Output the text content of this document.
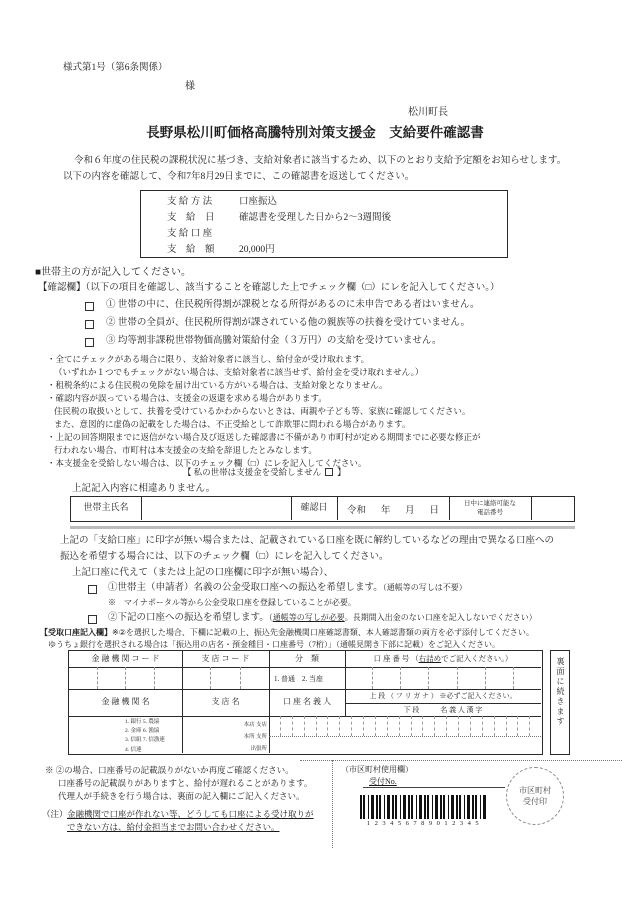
様式第1号（第6条関係）
様
松川町長
長野県松川町価格高騰特別対策支援金　支給要件確認書
令和６年度の住民税の課税状況に基づき、支給対象者に該当するため、以下のとおり支給予定額をお知らせします。
以下の内容を確認して、令和7年8月29日までに、この確認書を返送してください。
支 給 方 法	口座振込
支　給　日	確認書を受理した日から2～3週間後
支 給 口 座
支　給　額	20,000円
■世帯主の方が記入してください。
【確認欄】（以下の項目を確認し、該当することを確認した上でチェック欄（□）にレを記入してください。）
① 世帯の中に、住民税所得割が課税となる所得があるのに未申告である者はいません。
② 世帯の全員が、住民税所得割が課されている他の親族等の扶養を受けていません。
③ 均等割非課税世帯物価高騰対策給付金（３万円）の支給を受けていません。
・全てにチェックがある場合に限り、支給対象者に該当し、給付金が受け取れます。
（いずれか１つでもチェックがない場合は、支給対象者に該当せず、給付金を受け取れません。）
・租税条約による住民税の免除を届け出ている方がいる場合は、支給対象となりません。
・確認内容が誤っている場合は、支援金の返還を求める場合があります。
住民税の取扱いとして、扶養を受けているかわからないときは、両親や子ども等、家族に確認してください。
また、意図的に虚偽の記載をした場合は、不正受給として詐欺罪に問われる場合があります。
・上記の回答期限までに返信がない場合及び返送した確認書に不備があり市町村が定める期間までに必要な修正が
行われない場合、市町村は本支援金の支給を辞退したとみなします。
・本支援金を受給しない場合は、以下のチェック欄（□）にレを記入してください。
【 私の世帯は支援金を受給しません 】
上記記入内容に相違ありません。
世帯主氏名	確認日	令和 年 月 日
日中に連絡可能な
電話番号
上記の「支給口座」に印字が無い場合または、記載されている口座を既に解約しているなどの理由で異なる口座への
振込を希望する場合には、以下のチェック欄（□）にレを記入してください。
上記口座に代えて（または上記の口座欄に印字が無い場合）、
①世帯主（申請者）名義の公金受取口座への振込を希望します。（通帳等の写しは不要）
※　マイナポータル等から公金受取口座を登録していることが必要。
②下記の口座への振込を希望します。（通帳等の写しが必要。長期間入出金のない口座を記入しないでください）
【受取口座記入欄】※②を選択した場合、下欄に記載の上、振込先金融機関口座確認書類、本人確認書類の両方を必ず添付してください。
ゆうちょ銀行を選択される場合は「振込用の店名・預金種目・口座番号（7桁）」（通帳見開き下部に記載）をご記入ください。
金 融 機 関 コ ー ド	支 店 コ ー ド	分　類	口 座 番 号 （右詰めでご記入ください。）
1. 普通　2. 当座
金 融 機 関 名	支 店 名	口 座 名 義 人
上 段 （ フ リ ガ ナ ） ※必ずご記入ください。
下 段　　　名 義 人 漢 字
1. 銀行 5. 農協
2. 金庫 6. 漁協
3. 信組 7. 信漁連
4. 信連
本店 支店
本所 支所
出張所
裏面に続きます
※ ②の場合、口座番号の記載誤りがないか再度ご確認ください。
口座番号の記載誤りがありますと、給付が遅れることがあります。
代理人が手続きを行う場合は、裏面の記入欄にご記入ください。
（注） 金融機関で口座が作れない等、どうしても口座による受け取りが
できない方は、給付金担当までお問い合わせください。
（市区町村使用欄）
受付No.
123456789012345
市区町村
受付印
